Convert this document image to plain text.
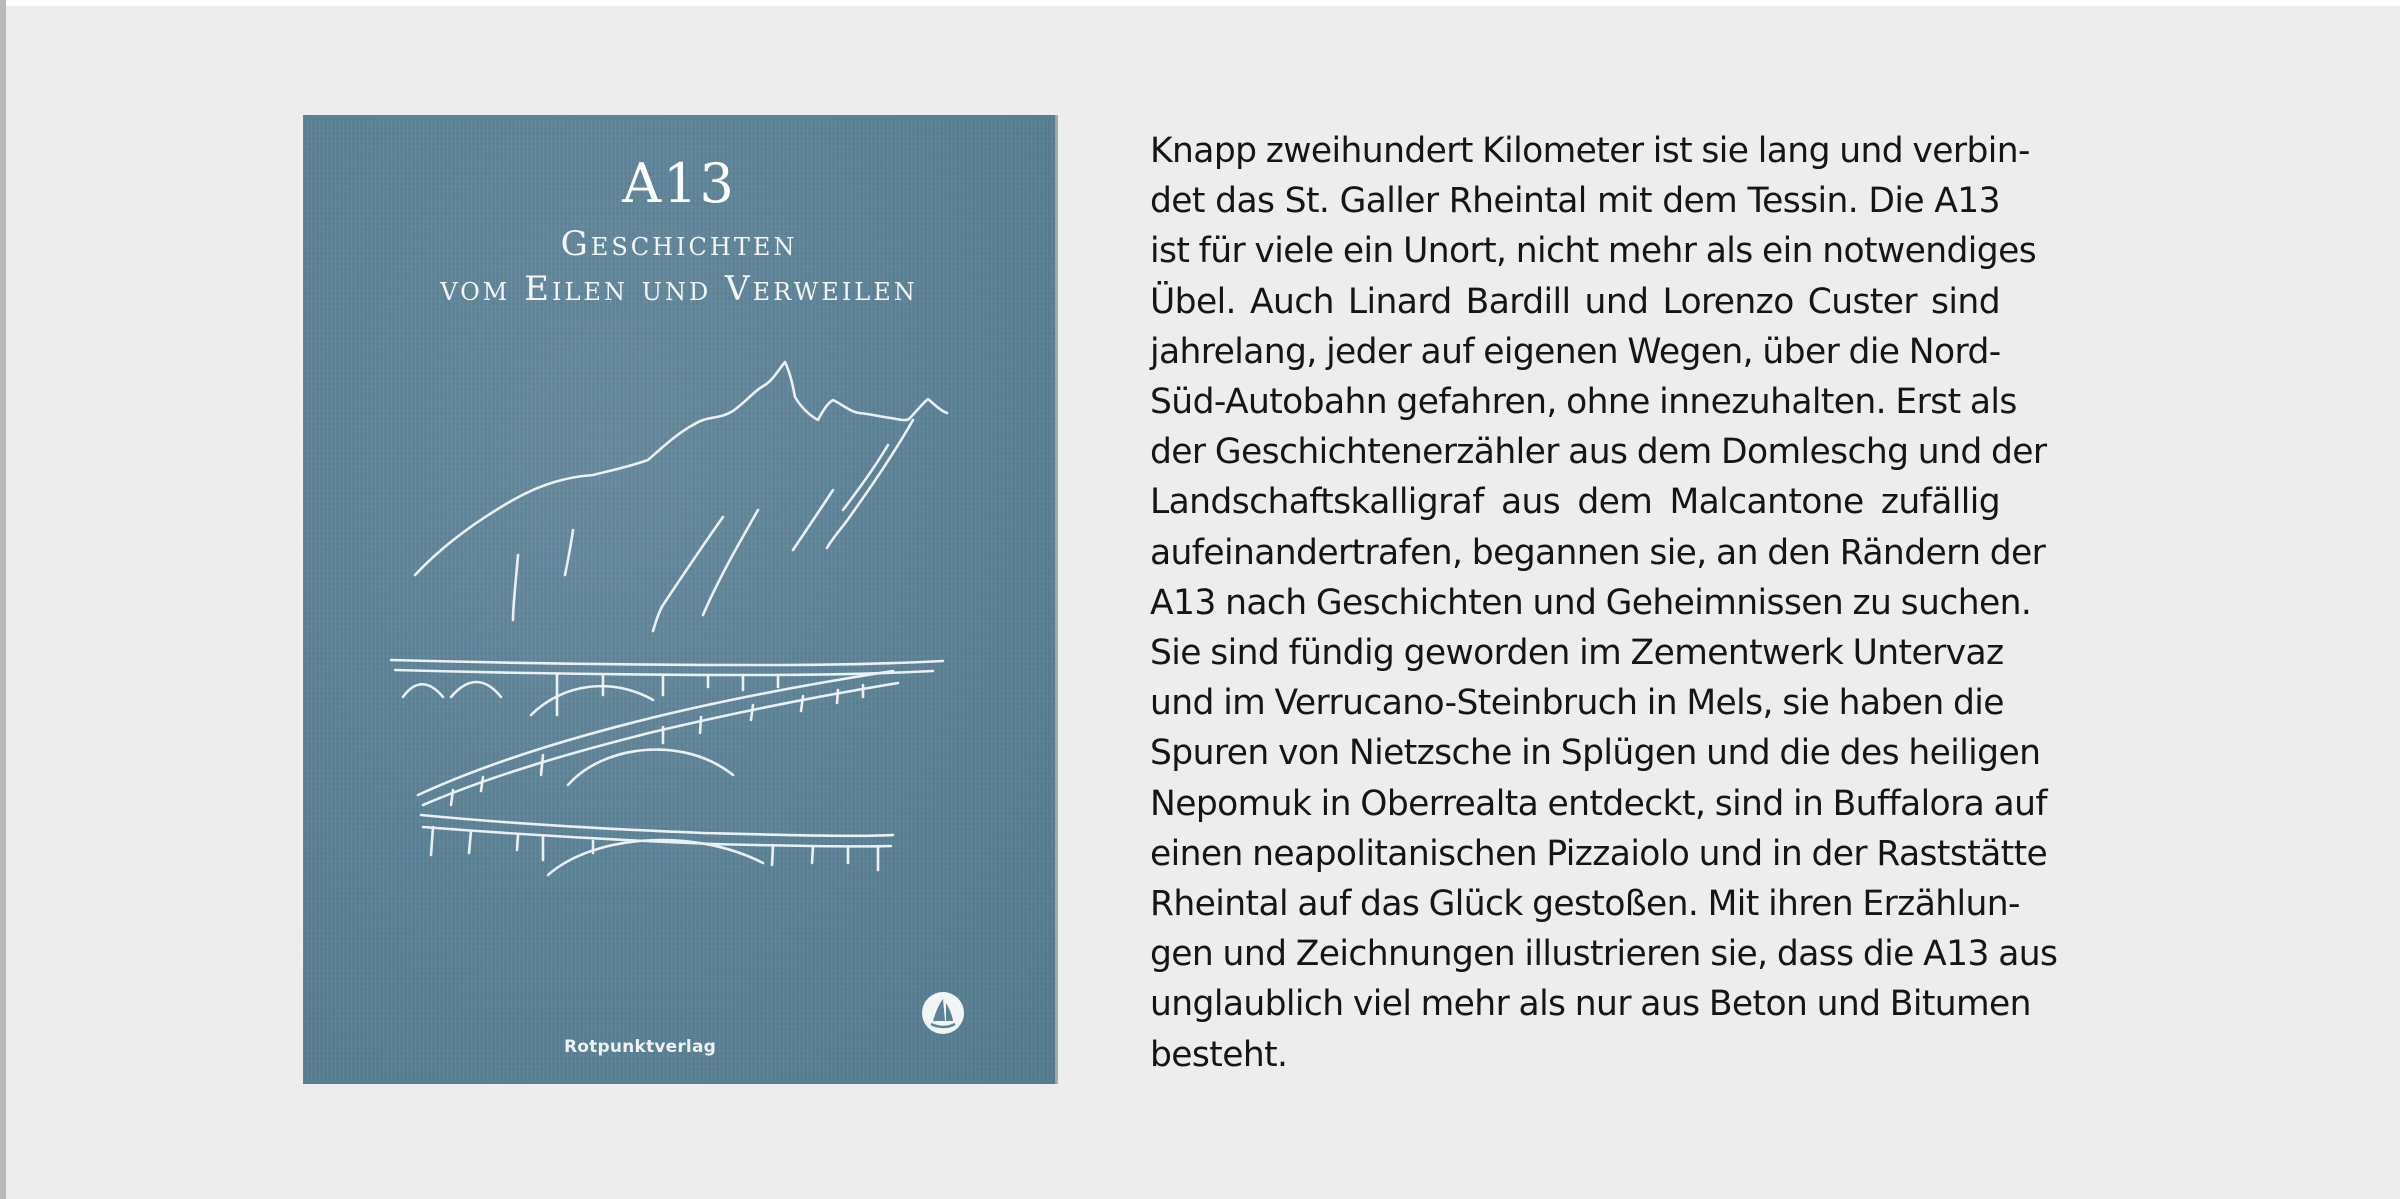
A13
Geschichten
vom Eilen und Verweilen
Rotpunktverlag
Knapp zweihundert Kilometer ist sie lang und verbin-
det das St. Galler Rheintal mit dem Tessin. Die A13
ist für viele ein Unort, nicht mehr als ein notwendiges
Übel. Auch Linard Bardill und Lorenzo Custer sind
jahrelang, jeder auf eigenen Wegen, über die Nord-
Süd-Autobahn gefahren, ohne innezuhalten. Erst als
der Geschichtenerzähler aus dem Domleschg und der
Landschaftskalligraf aus dem Malcantone zufällig
aufeinandertrafen, begannen sie, an den Rändern der
A13 nach Geschichten und Geheimnissen zu suchen.
Sie sind fündig geworden im Zementwerk Untervaz
und im Verrucano-Steinbruch in Mels, sie haben die
Spuren von Nietzsche in Splügen und die des heiligen
Nepomuk in Oberrealta entdeckt, sind in Buffalora auf
einen neapolitanischen Pizzaiolo und in der Raststätte
Rheintal auf das Glück gestoßen. Mit ihren Erzählun-
gen und Zeichnungen illustrieren sie, dass die A13 aus
unglaublich viel mehr als nur aus Beton und Bitumen
besteht.
